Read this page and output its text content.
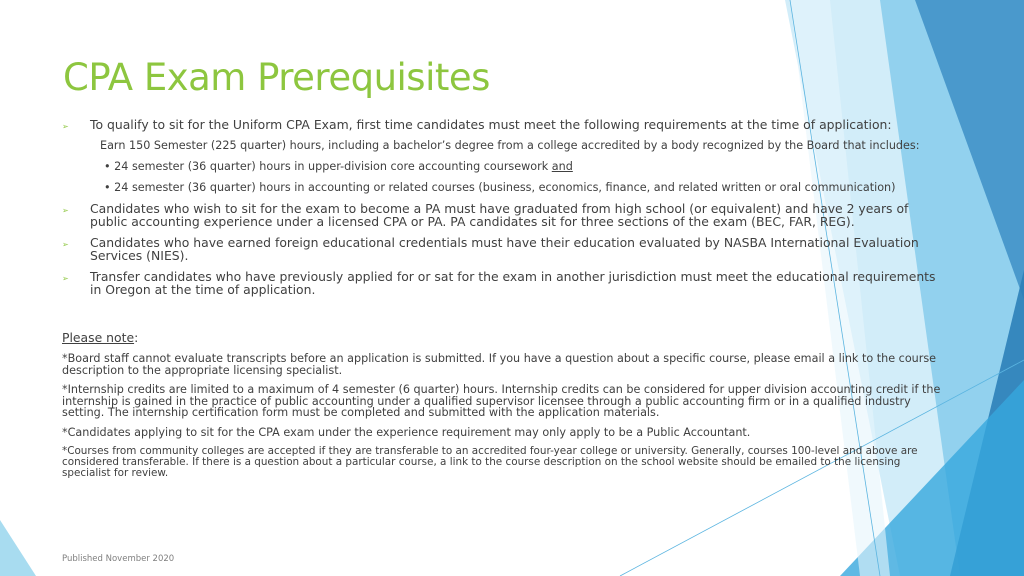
CPA Exam Prerequisites
➢ To qualify to sit for the Uniform CPA Exam, first time candidates must meet the following requirements at the time of application:
Earn 150 Semester (225 quarter) hours, including a bachelor’s degree from a college accredited by a body recognized by the Board that includes:
• 24 semester (36 quarter) hours in upper-division core accounting coursework and
• 24 semester (36 quarter) hours in accounting or related courses (business, economics, finance, and related written or oral communication)
➢ Candidates who wish to sit for the exam to become a PA must have graduated from high school (or equivalent) and have 2 years of public accounting experience under a licensed CPA or PA. PA candidates sit for three sections of the exam (BEC, FAR, REG).
➢ Candidates who have earned foreign educational credentials must have their education evaluated by NASBA International Evaluation Services (NIES).
➢ Transfer candidates who have previously applied for or sat for the exam in another jurisdiction must meet the educational requirements in Oregon at the time of application.
Please note:
*Board staff cannot evaluate transcripts before an application is submitted. If you have a question about a specific course, please email a link to the course description to the appropriate licensing specialist.
*Internship credits are limited to a maximum of 4 semester (6 quarter) hours. Internship credits can be considered for upper division accounting credit if the internship is gained in the practice of public accounting under a qualified supervisor licensee through a public accounting firm or in a qualified industry setting. The internship certification form must be completed and submitted with the application materials.
*Candidates applying to sit for the CPA exam under the experience requirement may only apply to be a Public Accountant.
*Courses from community colleges are accepted if they are transferable to an accredited four-year college or university. Generally, courses 100-level and above are considered transferable. If there is a question about a particular course, a link to the course description on the school website should be emailed to the licensing specialist for review.
Published November 2020
